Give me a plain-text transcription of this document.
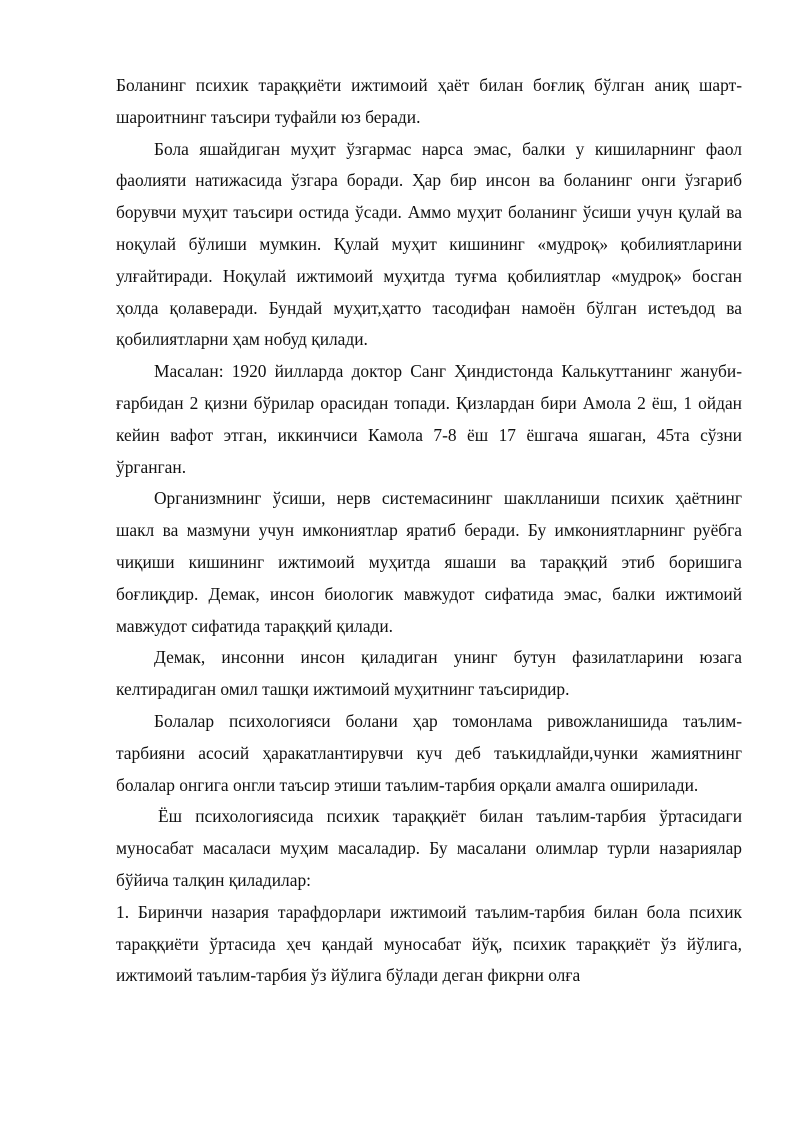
Боланинг психик тараққиёти ижтимоий ҳаёт билан боғлиқ бўлган аниқ шарт-шароитнинг таъсири туфайли юз беради.

Бола яшайдиган муҳит ўзгармас нарса эмас, балки у кишиларнинг фаол фаолияти натижасида ўзгара боради. Ҳар бир инсон ва боланинг онги ўзгариб борувчи муҳит таъсири остида ўсади. Аммо муҳит боланинг ўсиши учун қулай ва ноқулай бўлиши мумкин. Қулай муҳит кишининг «мудроқ» қобилиятларини улғайтиради. Ноқулай ижтимоий муҳитда туғма қобилиятлар «мудроқ» босган ҳолда қолаверади. Бундай муҳит,ҳатто тасодифан намоён бўлган истеъдод ва қобилиятларни ҳам нобуд қилади.

Масалан: 1920 йилларда доктор Санг Ҳиндистонда Калькуттанинг жануби- ғарбидан 2 қизни бўрилар орасидан топади. Қизлардан бири Амола 2 ёш, 1 ойдан кейин вафот этган, иккинчиси Камола 7-8 ёш 17 ёшгача яшаган, 45та сўзни ўрганган.

Организмнинг ўсиши, нерв системасининг шаклланиши психик ҳаётнинг шакл ва мазмуни учун имкониятлар яратиб беради. Бу имкониятларнинг руёбга чиқиши кишининг ижтимоий муҳитда яшаши ва тараққий этиб боришига боғлиқдир. Демак, инсон биологик мавжудот сифатида эмас, балки ижтимоий мавжудот сифатида тараққий қилади.

Демак, инсонни инсон қиладиган унинг бутун фазилатларини юзага келтирадиган омил ташқи ижтимоий муҳитнинг таъсиридир.

Болалар психологияси болани ҳар томонлама ривожланишида таълим-тарбияни асосий ҳаракатлантирувчи куч деб таъкидлайди,чунки жамиятнинг болалар онгига онгли таъсир этиши таълим-тарбия орқали амалга оширилади.

Ёш психологиясида психик тараққиёт билан таълим-тарбия ўртасидаги муносабат масаласи муҳим масаладир. Бу масалани олимлар турли назариялар бўйича талқин қиладилар:

1. Биринчи назария тарафдорлари ижтимоий таълим-тарбия билан бола психик тараққиёти ўртасида ҳеч қандай муносабат йўқ, психик тараққиёт ўз йўлига, ижтимоий таълим-тарбия ўз йўлига бўлади деган фикрни олға
